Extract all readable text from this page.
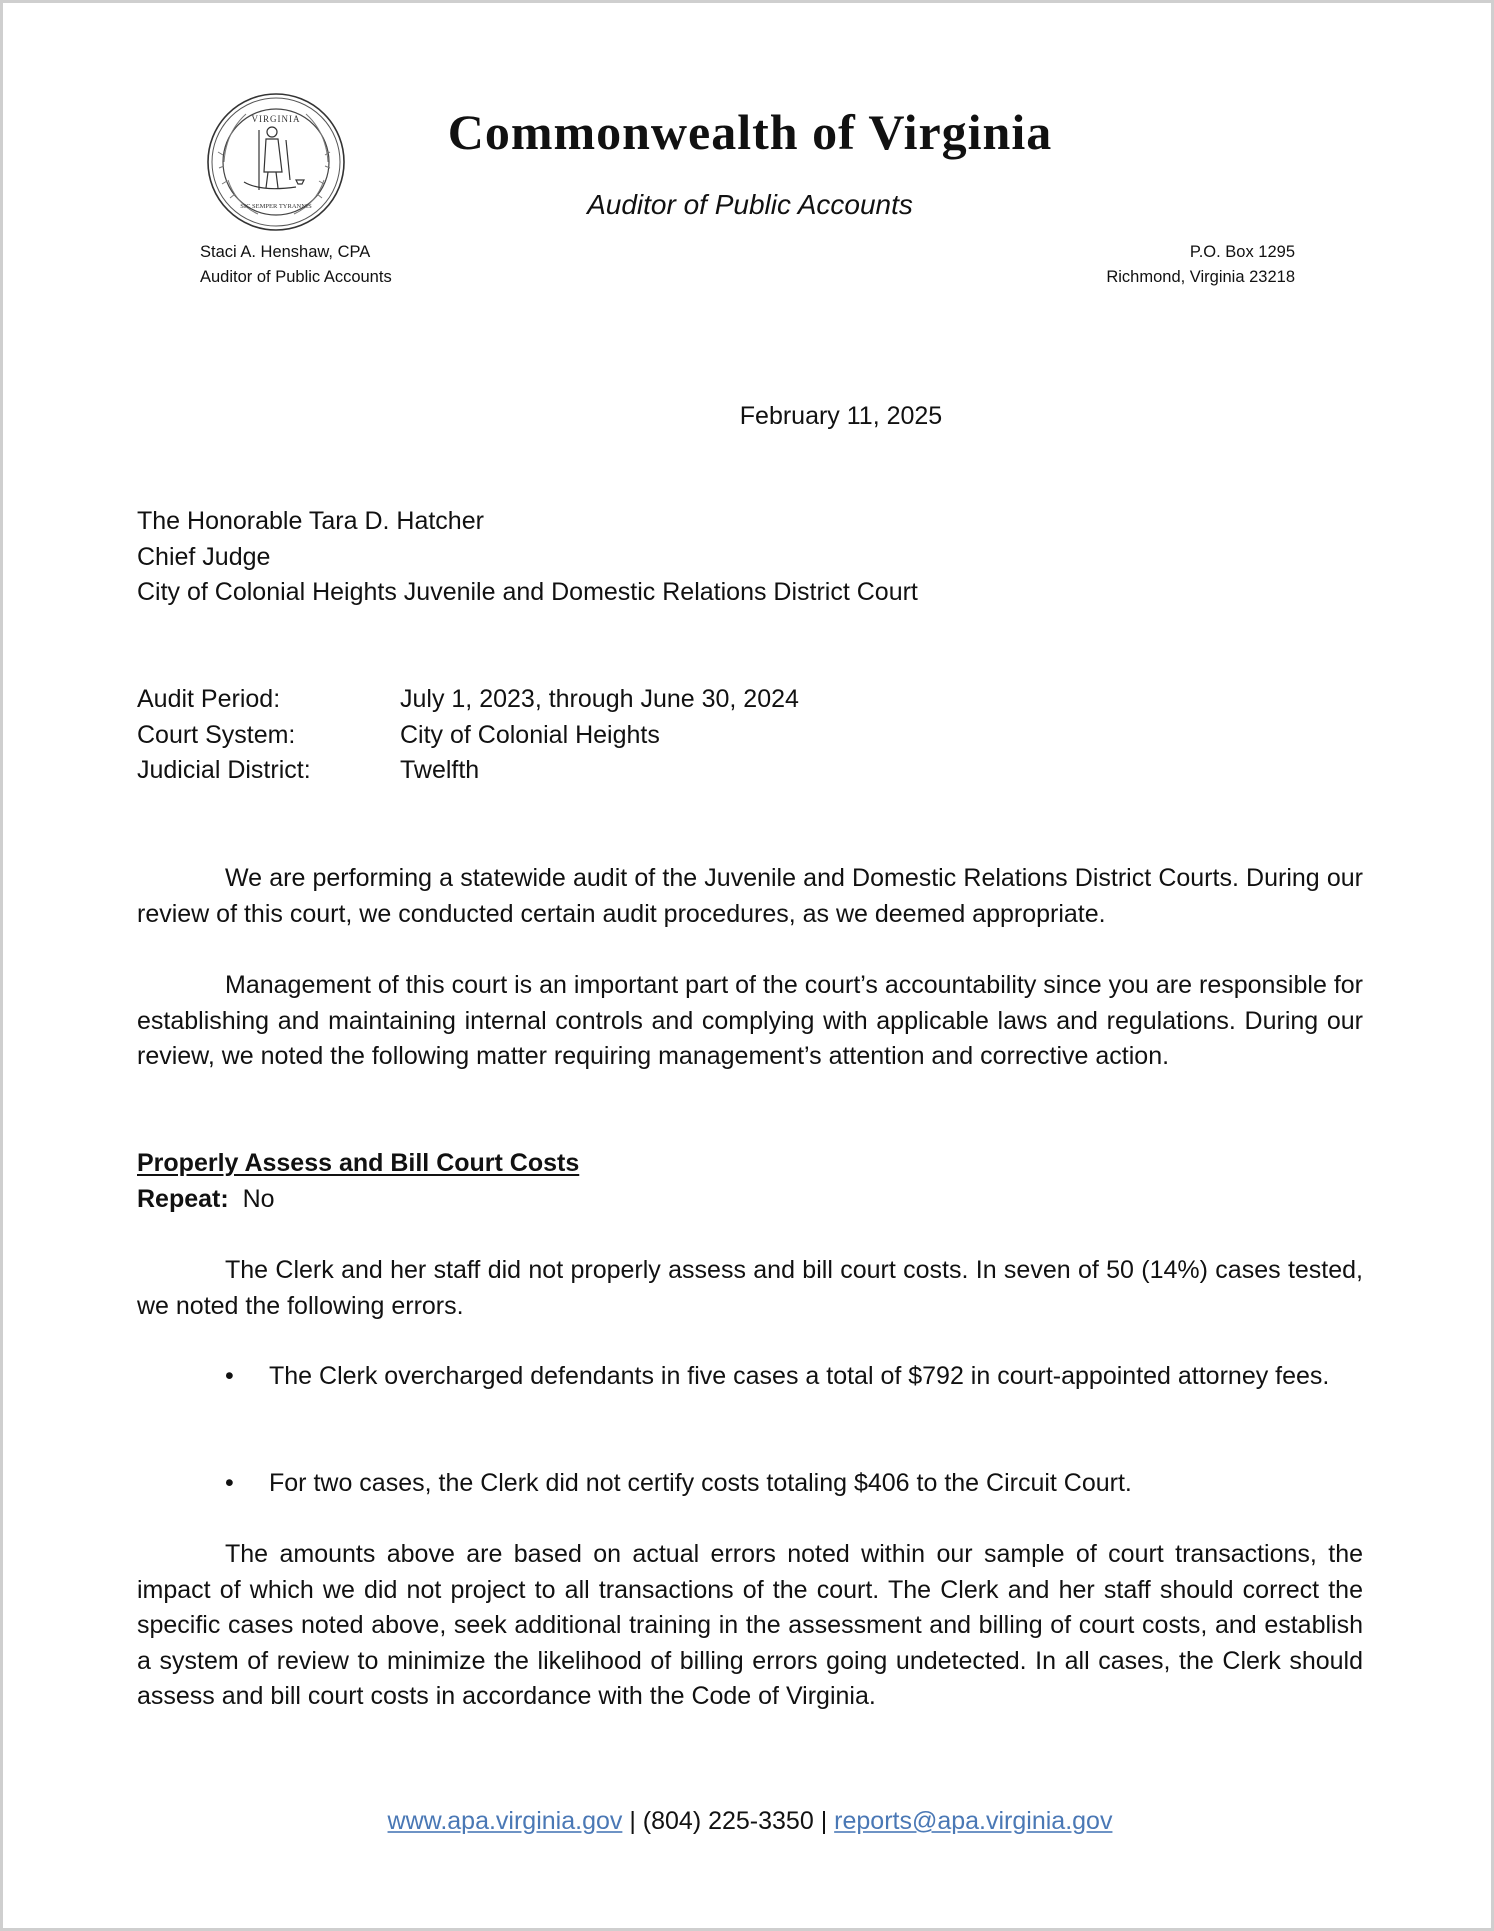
VIRGINIA
SIC SEMPER TYRANNIS
Commonwealth of Virginia
Auditor of Public Accounts
Staci A. Henshaw, CPA
Auditor of Public Accounts
P.O. Box 1295
Richmond, Virginia 23218
February 11, 2025
The Honorable Tara D. Hatcher
Chief Judge
City of Colonial Heights Juvenile and Domestic Relations District Court
Audit Period:	July 1, 2023, through June 30, 2024
Court System:	City of Colonial Heights
Judicial District:	Twelfth

We are performing a statewide audit of the Juvenile and Domestic Relations District Courts. During our review of this court, we conducted certain audit procedures, as we deemed appropriate.

Management of this court is an important part of the court’s accountability since you are responsible for establishing and maintaining internal controls and complying with applicable laws and regulations. During our review, we noted the following matter requiring management’s attention and corrective action.

Properly Assess and Bill Court Costs
Repeat: No

The Clerk and her staff did not properly assess and bill court costs. In seven of 50 (14%) cases tested, we noted the following errors.

• The Clerk overcharged defendants in five cases a total of $792 in court-appointed attorney fees.
• For two cases, the Clerk did not certify costs totaling $406 to the Circuit Court.

The amounts above are based on actual errors noted within our sample of court transactions, the impact of which we did not project to all transactions of the court. The Clerk and her staff should correct the specific cases noted above, seek additional training in the assessment and billing of court costs, and establish a system of review to minimize the likelihood of billing errors going undetected. In all cases, the Clerk should assess and bill court costs in accordance with the Code of Virginia.

www.apa.virginia.gov | (804) 225-3350 | reports@apa.virginia.gov
